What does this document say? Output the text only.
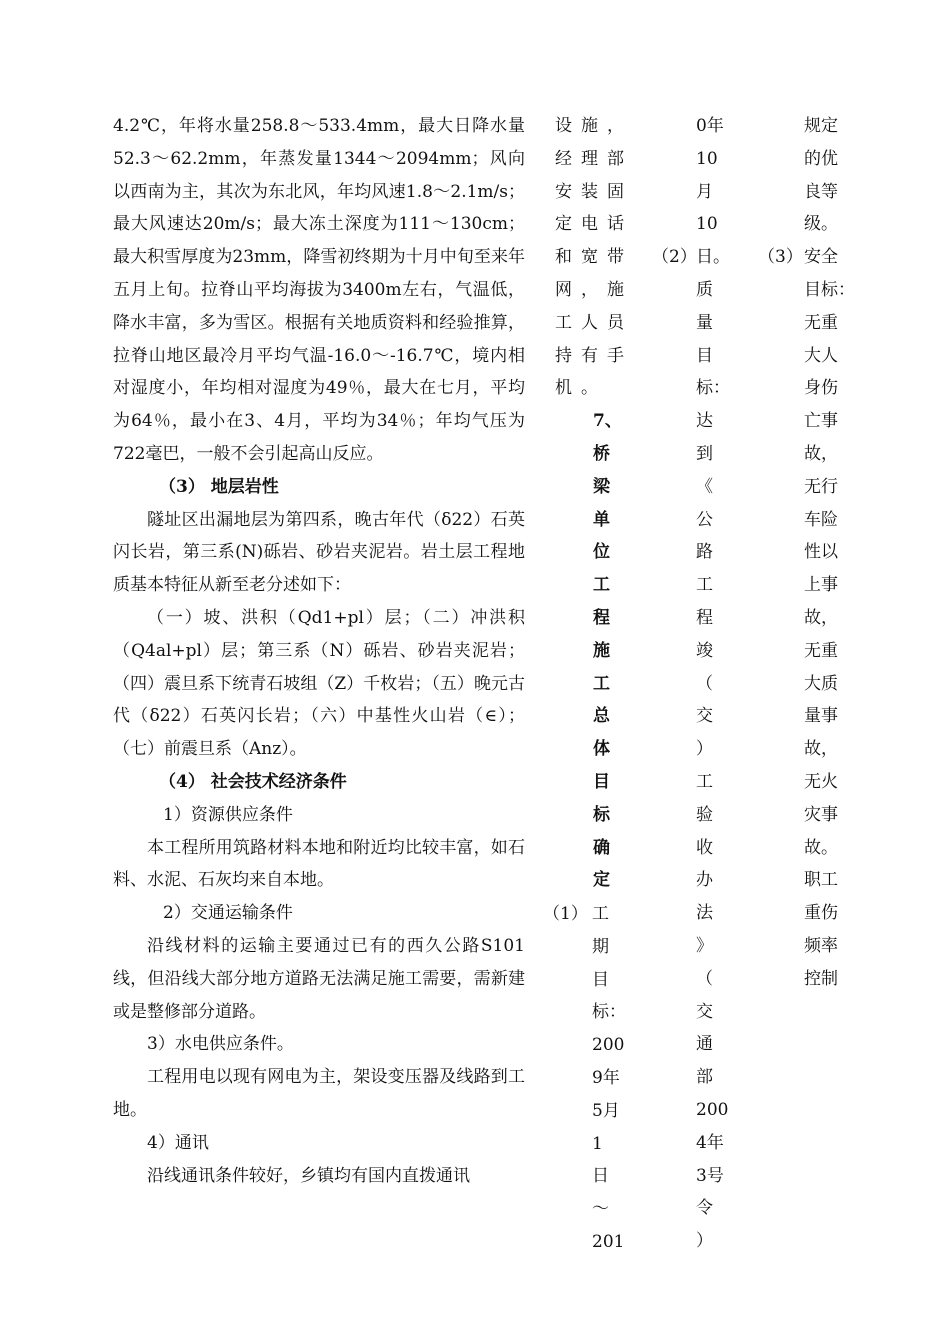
4.2℃，年将水量258.8～533.4mm，最大日降水量52.3～62.2mm，年蒸发量1344～2094mm；风向以西南为主，其次为东北风，年均风速1.8～2.1m/s；最大风速达20m/s；最大冻土深度为111～130cm；最大积雪厚度为23mm，降雪初终期为十月中旬至来年五月上旬。拉脊山平均海拔为3400m左右，气温低，降水丰富，多为雪区。根据有关地质资料和经验推算，拉脊山地区最冷月平均气温-16.0～-16.7℃，境内相对湿度小，年均相对湿度为49％，最大在七月，平均为64％，最小在3、4月，平均为34％；年均气压为722毫巴，一般不会引起高山反应。

（3） 地层岩性

隧址区出漏地层为第四系，晚古年代（δ22）石英闪长岩，第三系(N)砾岩、砂岩夹泥岩。岩土层工程地质基本特征从新至老分述如下：

（一）坡、洪积（Qd1+pl）层；（二）冲洪积（Q4al+pl）层；第三系（N）砾岩、砂岩夹泥岩；（四）震旦系下统青石坡组（Z）千枚岩；（五）晚元古代（δ22）石英闪长岩；（六）中基性火山岩（∈）；（七）前震旦系（Anz）。

（4） 社会技术经济条件

1）资源供应条件

本工程所用筑路材料本地和附近均比较丰富，如石料、水泥、石灰均来自本地。

2）交通运输条件

沿线材料的运输主要通过已有的西久公路S101线，但沿线大部分地方道路无法满足施工需要，需新建或是整修部分道路。

3）水电供应条件。

工程用电以现有网电为主，架设变压器及线路到工地。

4）通讯

沿线通讯条件较好，乡镇均有国内直拨通讯

设施，
经理部
安装固
定电话
和宽带
网，施
工人员
持有手
机。
7、
桥
梁
单
位
工
程
施
工
总
体
目
标
确
定
（1） 工
期
目
标：
200
9年
5月
1
日
～
201
（2）
0年
10
月
10
日。
质
量
目
标：
达
到
《
公
路
工
程
竣
（
交
）
工
验
收
办
法
》
（
交
通
部
200
4年
3号
令
）
（3）
规定
的优
良等
级。
安全
目标：
无重
大人
身伤
亡事
故，
无行
车险
性以
上事
故，
无重
大质
量事
故，
无火
灾事
故。
职工
重伤
频率
控制
